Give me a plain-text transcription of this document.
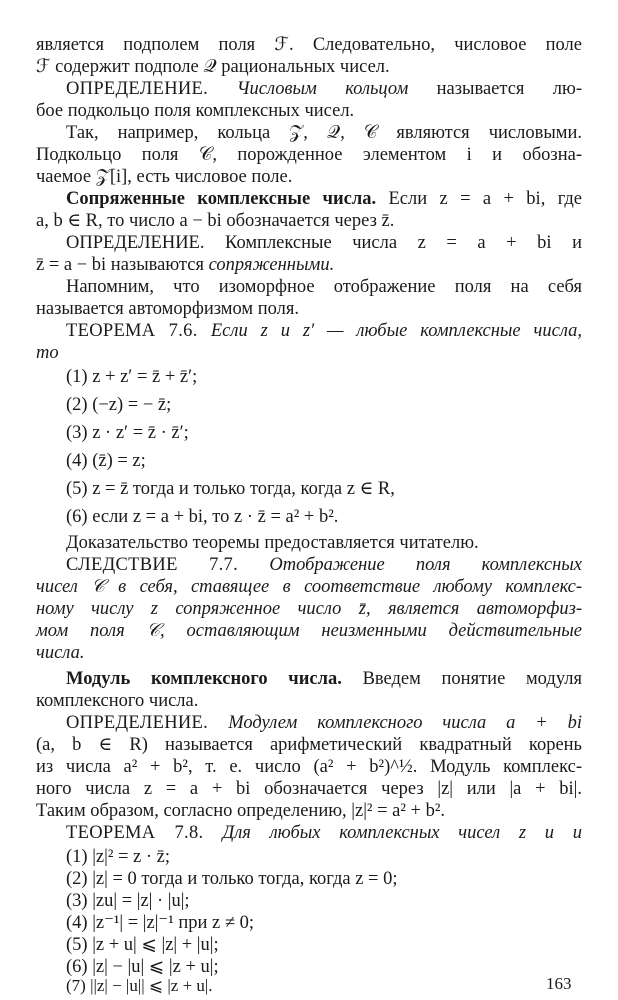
является подполем поля ℱ. Следовательно, числовое поле
ℱ содержит подполе 𝒬 рациональных чисел.
ОПРЕДЕЛЕНИЕ. Числовым кольцом называется лю-
бое подкольцо поля комплексных чисел.
Так, например, кольца 𝒵, 𝒬, 𝒞 являются числовыми.
Подкольцо поля 𝒞, порожденное элементом i и обозна-
чаемое 𝒵[i], есть числовое поле.
Сопряженные комплексные числа. Если z = a + bi, где
a, b ∈ R, то число a − bi обозначается через z̄.
ОПРЕДЕЛЕНИЕ. Комплексные числа z = a + bi и
z̄ = a − bi называются сопряженными.
Напомним, что изоморфное отображение поля на себя
называется автоморфизмом поля.
ТЕОРЕМА 7.6. Если z и z′ — любые комплексные числа,
то
(1) z + z′ = z̄ + z̄′;
(2) (−z) = − z̄;
(3) z · z′ = z̄ · z̄′;
(4) (z̄) = z;
(5) z = z̄ тогда и только тогда, когда z ∈ R,
(6) если z = a + bi, то z · z̄ = a² + b².
Доказательство теоремы предоставляется читателю.
СЛЕДСТВИЕ 7.7. Отображение поля комплексных
чисел 𝒞 в себя, ставящее в соответствие любому комплекс-
ному числу z сопряженное число z̄, является автоморфиз-
мом поля 𝒞, оставляющим неизменными действительные
числа.
Модуль комплексного числа. Введем понятие модуля
комплексного числа.
ОПРЕДЕЛЕНИЕ. Модулем комплексного числа a + bi
(a, b ∈ R) называется арифметический квадратный корень
из числа a² + b², т. е. число (a² + b²)^½. Модуль комплекс-
ного числа z = a + bi обозначается через |z| или |a + bi|.
Таким образом, согласно определению, |z|² = a² + b².
ТЕОРЕМА 7.8. Для любых комплексных чисел z и u
(1) |z|² = z · z̄;
(2) |z| = 0 тогда и только тогда, когда z = 0;
(3) |zu| = |z| · |u|;
(4) |z⁻¹| = |z|⁻¹ при z ≠ 0;
(5) |z + u| ⩽ |z| + |u|;
(6) |z| − |u| ⩽ |z + u|;
(7) ||z| − |u|| ⩽ |z + u|.	163
